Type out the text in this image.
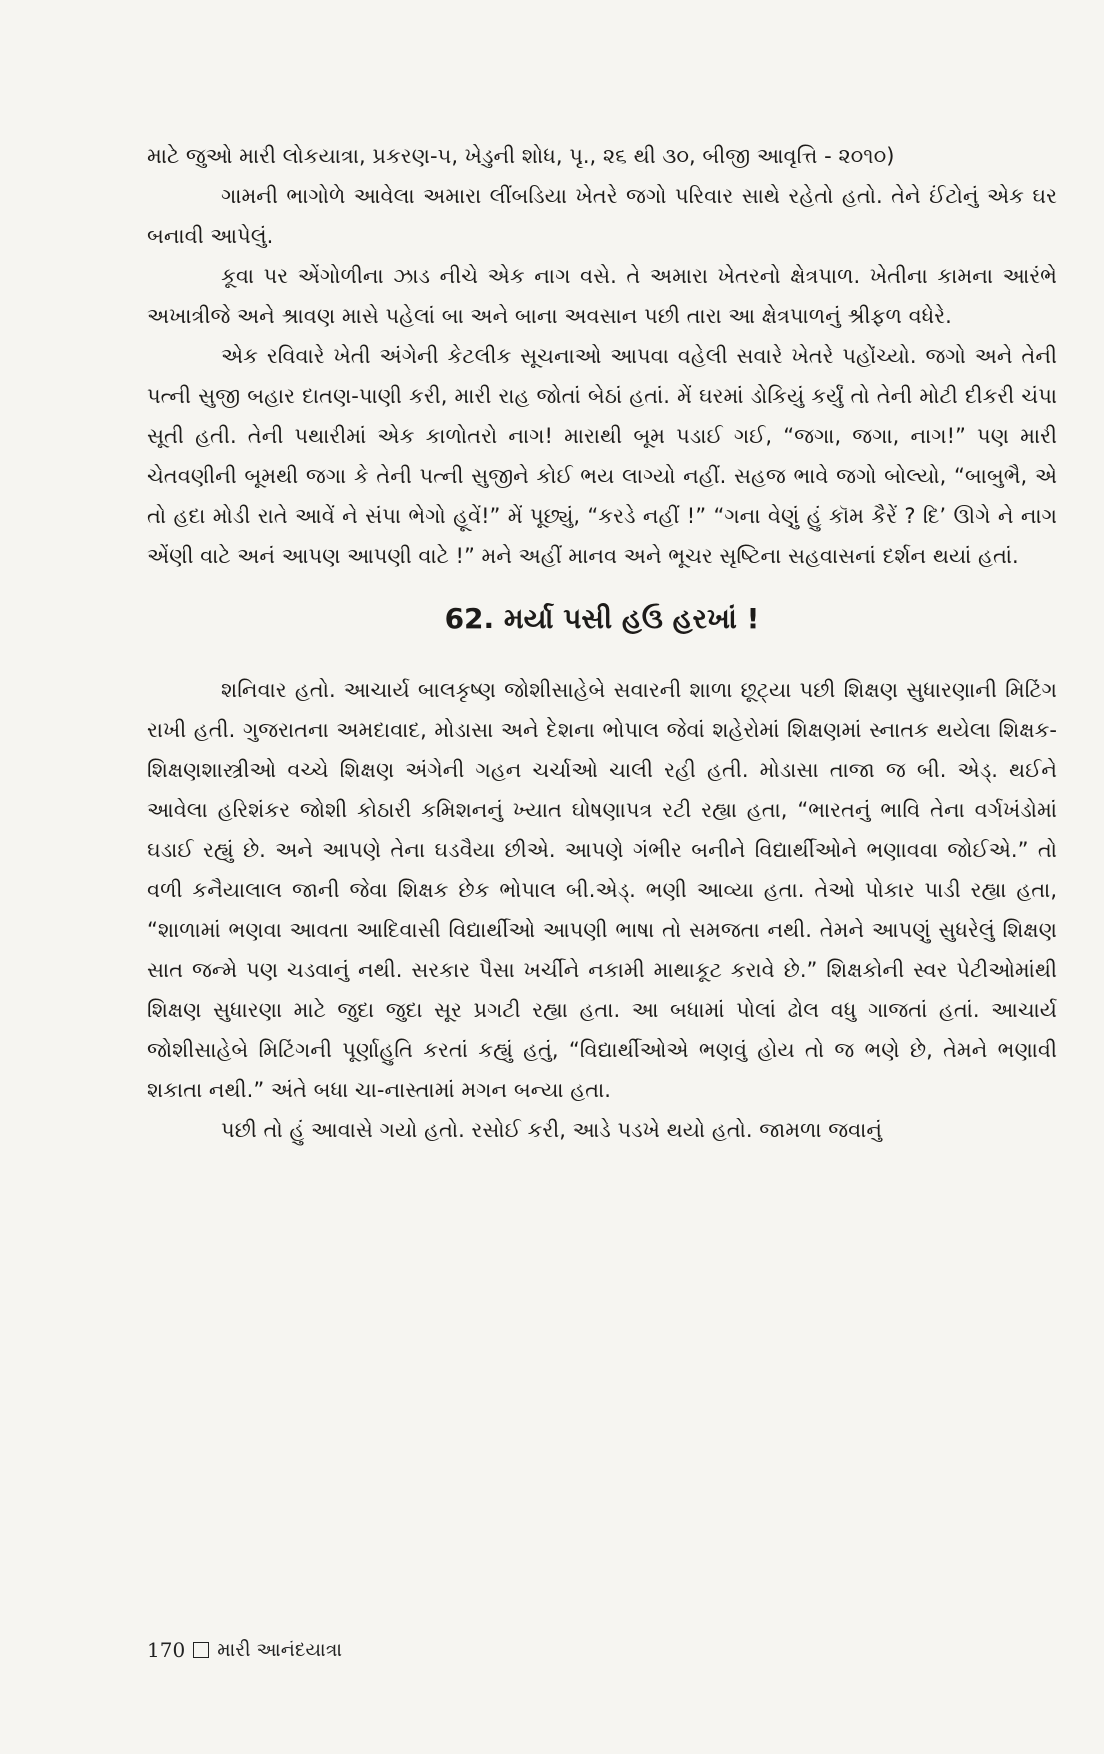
માટે જુઓ મારી લોકયાત્રા, પ્રકરણ-૫, ખેડુની શોધ, પૃ., ૨૬ થી ૩૦, બીજી આવૃત્તિ - ૨૦૧૦)

ગામની ભાગોળે આવેલા અમારા લીંબડિયા ખેતરે જગો પરિવાર સાથે રહેતો હતો. તેને ઈંટોનું એક ઘર બનાવી આપેલું.

કૂવા પર એંગોળીના ઝાડ નીચે એક નાગ વસે. તે અમારા ખેતરનો ક્ષેત્રપાળ. ખેતીના કામના આરંભે અખાત્રીજે અને શ્રાવણ માસે પહેલાં બા અને બાના અવસાન પછી તારા આ ક્ષેત્રપાળનું શ્રીફળ વધેરે.

એક રવિવારે ખેતી અંગેની કેટલીક સૂચનાઓ આપવા વહેલી સવારે ખેતરે પહોંચ્યો. જગો અને તેની પત્ની સુજી બહાર દાતણ-પાણી કરી, મારી રાહ જોતાં બેઠાં હતાં. મેં ઘરમાં ડોકિયું કર્યું તો તેની મોટી દીકરી ચંપા સૂતી હતી. તેની પથારીમાં એક કાળોતરો નાગ! મારાથી બૂમ પડાઈ ગઈ, “જગા, જગા, નાગ!” પણ મારી ચેતવણીની બૂમથી જગા કે તેની પત્ની સુજીને કોઈ ભય લાગ્યો નહીં. સહજ ભાવે જગો બોલ્યો, “બાબુભૈ, એ તો હદા મોડી રાતે આવેં ને સંપા ભેગો હૂવેં!” મેં પૂછ્યું, “કરડે નહીં !” “ગના વેણું હું કૉમ કૈરેં ? દિ’ ઊગે ને નાગ એંણી વાટે અનં આપણ આપણી વાટે !” મને અહીં માનવ અને ભૂચર સૃષ્ટિના સહવાસનાં દર્શન થયાં હતાં.

62. મર્યા પસી હઉ હરખાં !

શનિવાર હતો. આચાર્ય બાલકૃષ્ણ જોશીસાહેબે સવારની શાળા છૂટ્યા પછી શિક્ષણ સુધારણાની મિટિંગ રાખી હતી. ગુજરાતના અમદાવાદ, મોડાસા અને દેશના ભોપાલ જેવાં શહેરોમાં શિક્ષણમાં સ્નાતક થયેલા શિક્ષક-શિક્ષણશાસ્ત્રીઓ વચ્ચે શિક્ષણ અંગેની ગહન ચર્ચાઓ ચાલી રહી હતી. મોડાસા તાજા જ બી. એડ્. થઈને આવેલા હરિશંકર જોશી કોઠારી કમિશનનું ખ્યાત ઘોષણાપત્ર રટી રહ્યા હતા, “ભારતનું ભાવિ તેના વર્ગખંડોમાં ઘડાઈ રહ્યું છે. અને આપણે તેના ઘડવૈયા છીએ. આપણે ગંભીર બનીને વિદ્યાર્થીઓને ભણાવવા જોઈએ.” તો વળી કનૈયાલાલ જાની જેવા શિક્ષક છેક ભોપાલ બી.એડ્. ભણી આવ્યા હતા. તેઓ પોકાર પાડી રહ્યા હતા, “શાળામાં ભણવા આવતા આદિવાસી વિદ્યાર્થીઓ આપણી ભાષા તો સમજતા નથી. તેમને આપણું સુધરેલું શિક્ષણ સાત જન્મે પણ ચડવાનું નથી. સરકાર પૈસા ખર્ચીને નકામી માથાકૂટ કરાવે છે.” શિક્ષકોની સ્વર પેટીઓમાંથી શિક્ષણ સુધારણા માટે જુદા જુદા સૂર પ્રગટી રહ્યા હતા. આ બધામાં પોલાં ઢોલ વધુ ગાજતાં હતાં. આચાર્ય જોશીસાહેબે મિટિંગની પૂર્ણાહુતિ કરતાં કહ્યું હતું, “વિદ્યાર્થીઓએ ભણવું હોય તો જ ભણે છે, તેમને ભણાવી શકાતા નથી.” અંતે બધા ચા-નાસ્તામાં મગન બન્યા હતા.

પછી તો હું આવાસે ગયો હતો. રસોઈ કરી, આડે પડખે થયો હતો. જામળા જવાનું

170 મારી આનંદયાત્રા
